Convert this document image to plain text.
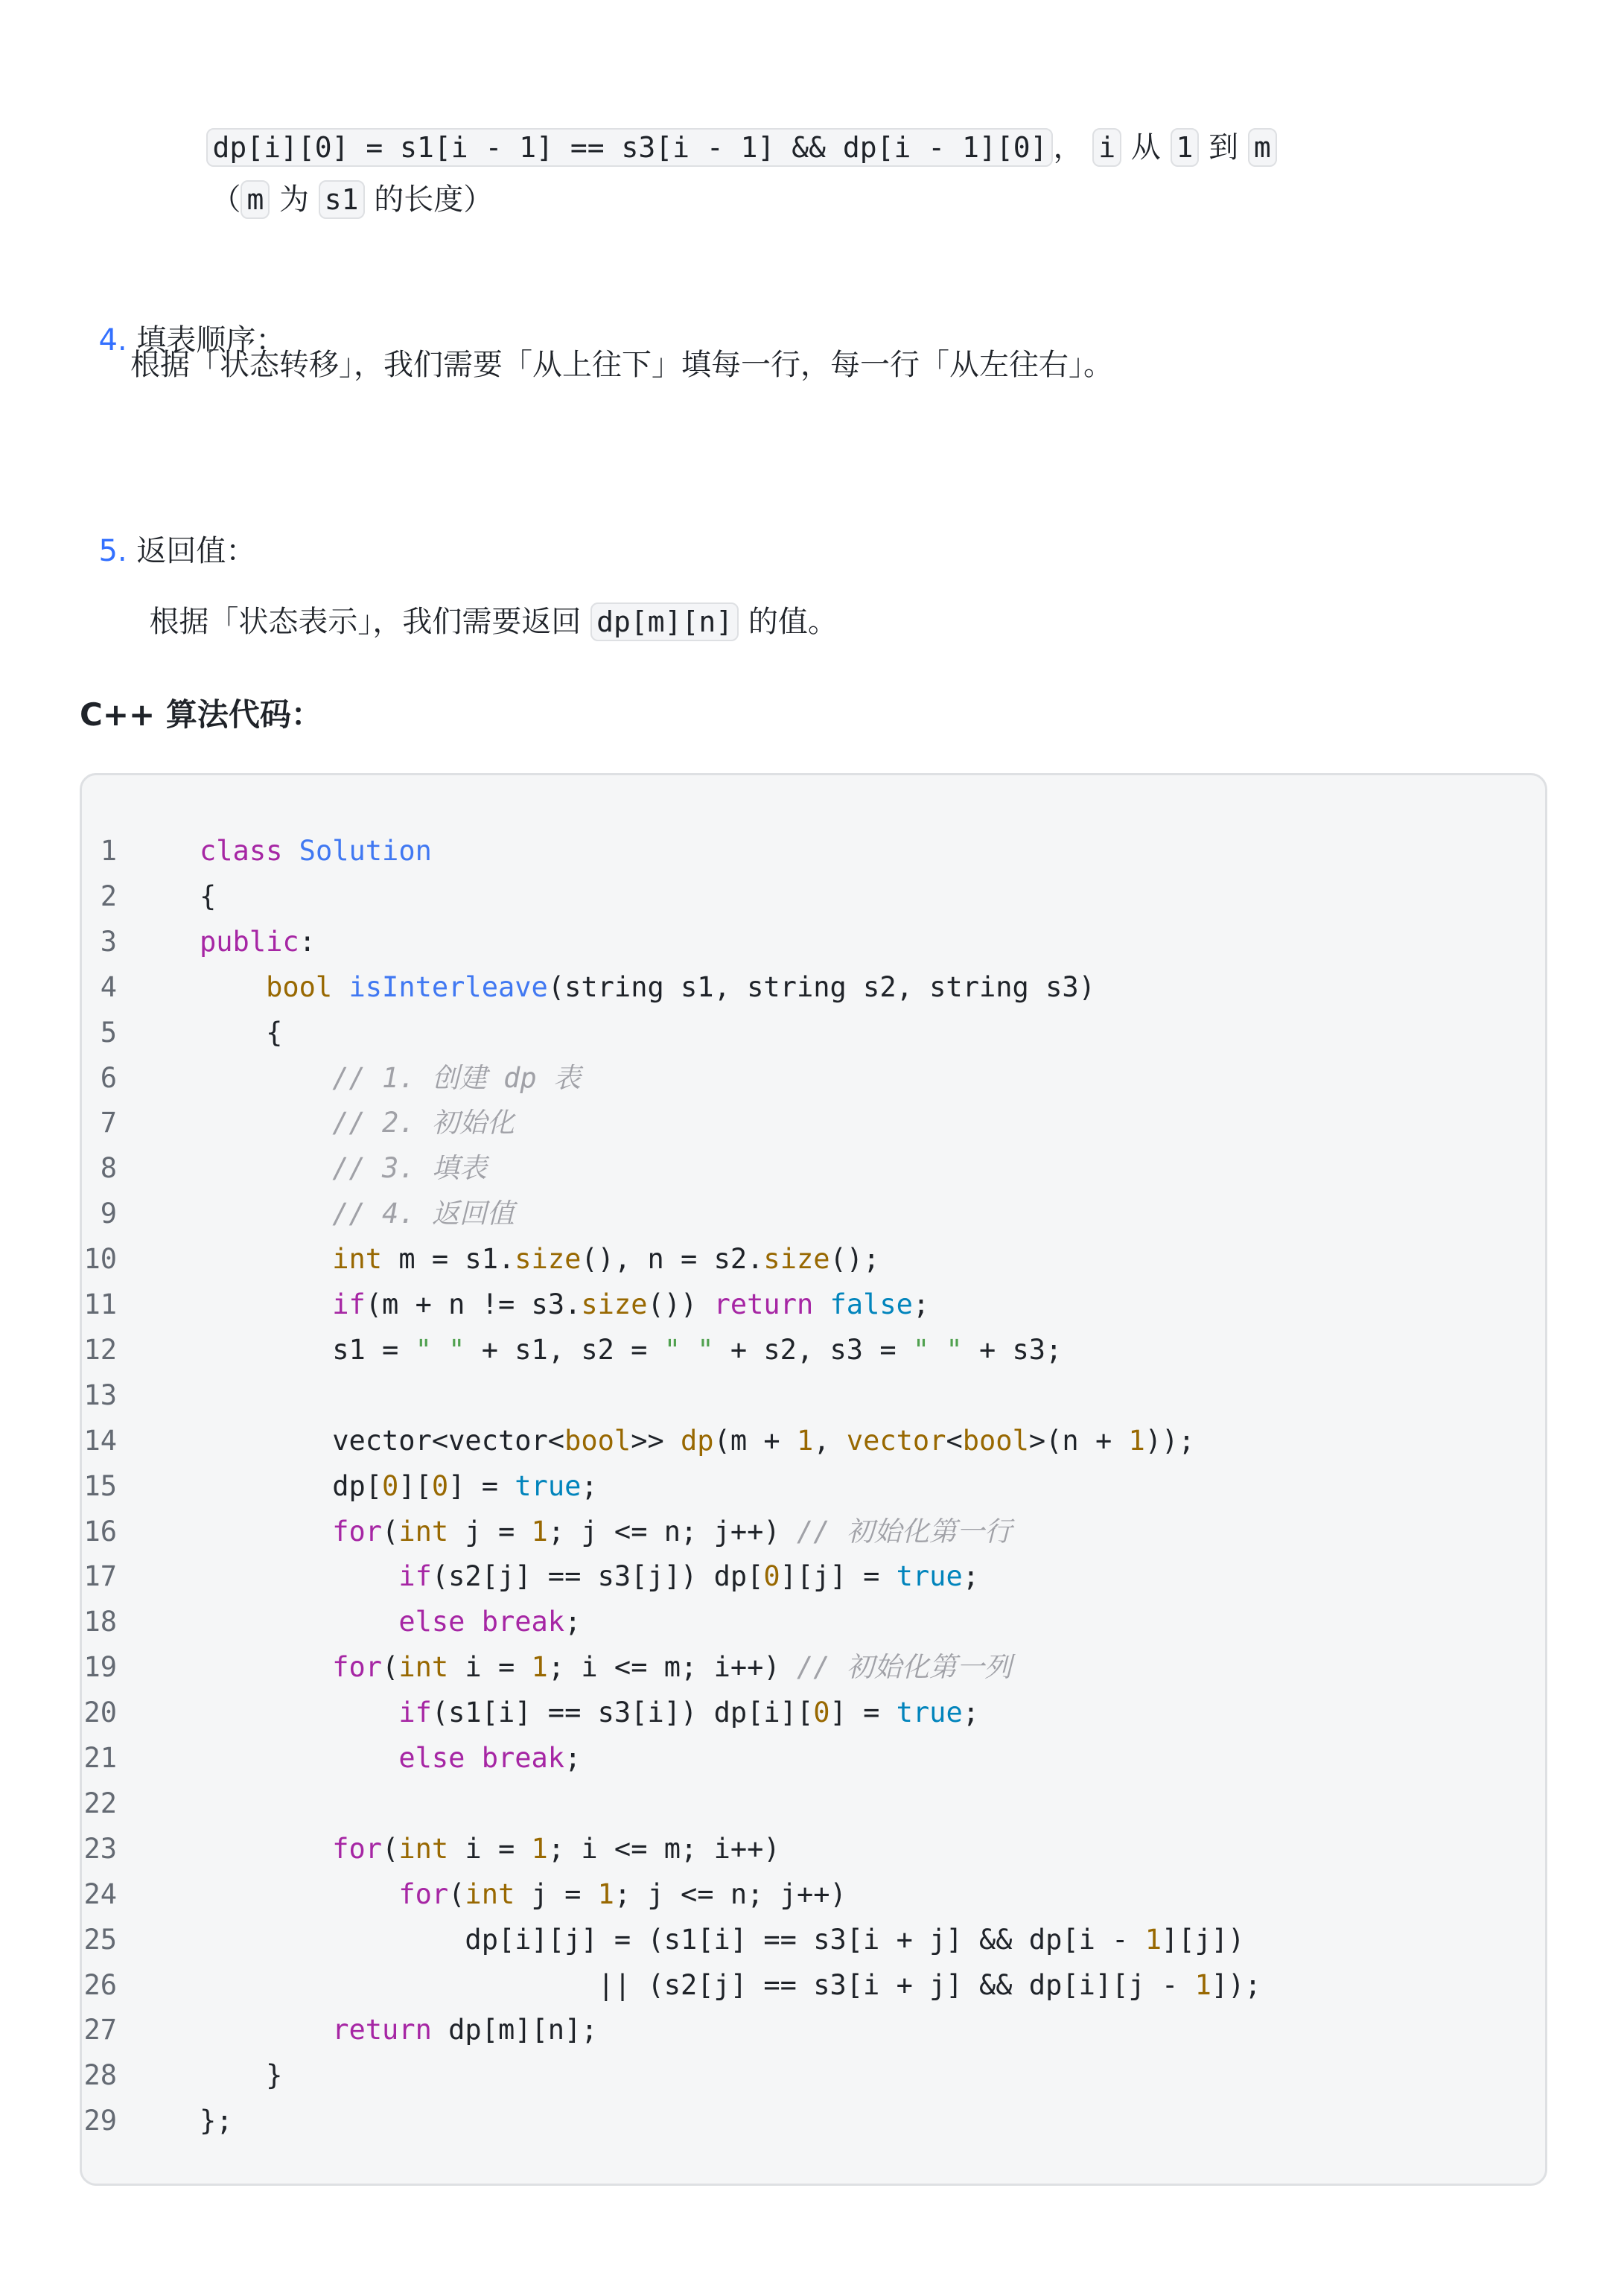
dp[i][0] = s1[i - 1] == s3[i - 1] && dp[i - 1][0] ， i 从 1 到 m

（ m 为 s1 的长度）

4. 填表顺序：

根据「状态转移」，我们需要「从上往下」填每一行，每一行「从左往右」。

5. 返回值：

根据「状态表示」，我们需要返回 dp[m][n] 的值。

C++ 算法代码：
1	class Solution
2	{
3	public:
4	bool isInterleave(string s1, string s2, string s3)
5	{
6	// 1. 创建 dp 表
7	// 2. 初始化
8	// 3. 填表
9	// 4. 返回值
10	int m = s1.size(), n = s2.size();
11	if(m + n != s3.size()) return false;
12	s1 = " " + s1, s2 = " " + s2, s3 = " " + s3;
13
14	vector<vector<bool>> dp(m + 1, vector<bool>(n + 1));
15	dp[0][0] = true;
16	for(int j = 1; j <= n; j++) // 初始化第一行
17	if(s2[j] == s3[j]) dp[0][j] = true;
18	else break;
19	for(int i = 1; i <= m; i++) // 初始化第一列
20	if(s1[i] == s3[i]) dp[i][0] = true;
21	else break;
22
23	for(int i = 1; i <= m; i++)
24	for(int j = 1; j <= n; j++)
25	dp[i][j] = (s1[i] == s3[i + j] && dp[i - 1][j])
26	|| (s2[j] == s3[i + j] && dp[i][j - 1]);
27	return dp[m][n];
28	}
29	};
